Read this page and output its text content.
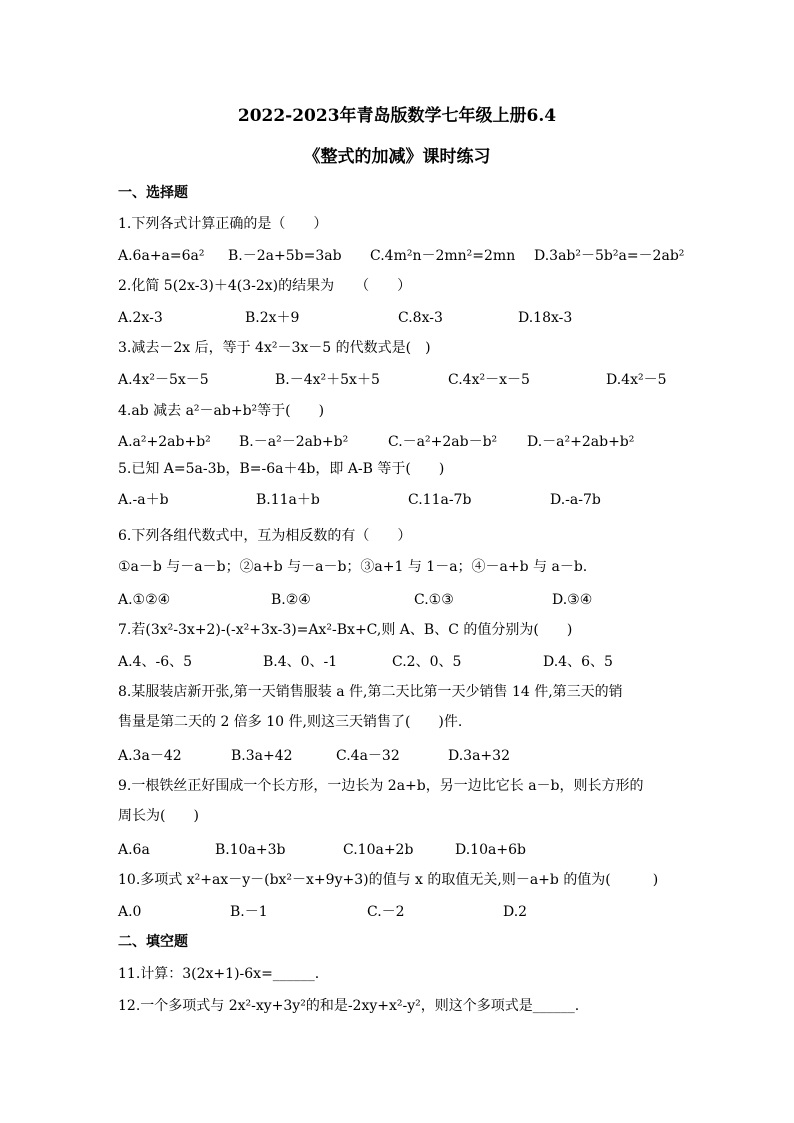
2022-2023年青岛版数学七年级上册6.4
《整式的加减》课时练习
一、选择题
1.下列各式计算正确的是（　　）
A.6a+a=6a² B.－2a+5b=3ab C.4m²n－2mn²=2mn D.3ab²－5b²a=－2ab²
2.化简 5(2x-3)＋4(3-2x)的结果为　　（　　）
A.2x-3	B.2x＋9	C.8x-3	D.18x-3
3.减去－2x 后，等于 4x²－3x－5 的代数式是(　)
A.4x²－5x－5	B.－4x²＋5x＋5	C.4x²－x－5	D.4x²－5
4.ab 减去 a²－ab+b²等于(　　)
A.a²+2ab+b² B.－a²－2ab+b²	C.－a²+2ab－b² D.－a²+2ab+b²
5.已知 A=5a-3b，B=-6a＋4b，即 A-B 等于(　　)
A.-a＋b	B.11a＋b	C.11a-7b	D.-a-7b
6.下列各组代数式中，互为相反数的有（　　）
①a－b 与－a－b；②a+b 与－a－b；③a+1 与 1－a；④－a+b 与 a－b.
A.①②④	B.②④	C.①③	D.③④
7.若(3x²-3x+2)-(-x²+3x-3)=Ax²-Bx+C,则 A、B、C 的值分别为(　　)
A.4、-6、5	B.4、0、-1	C.2、0、5	D.4、6、5
8.某服装店新开张,第一天销售服装 a 件,第二天比第一天少销售 14 件,第三天的销
售量是第二天的 2 倍多 10 件,则这三天销售了(　　)件.
A.3a－42	B.3a+42	C.4a－32	D.3a+32
9.一根铁丝正好围成一个长方形，一边长为 2a+b，另一边比它长 a－b，则长方形的
周长为(　　)
A.6a	B.10a+3b	C.10a+2b	D.10a+6b
10.多项式 x²+ax－y－(bx²－x+9y+3)的值与 x 的取值无关,则－a+b 的值为(　　　)
A.0	B.－1	C.－2	D.2
二、填空题
11.计算：3(2x+1)-6x=______.
12.一个多项式与 2x²-xy+3y²的和是-2xy+x²-y²，则这个多项式是______.
